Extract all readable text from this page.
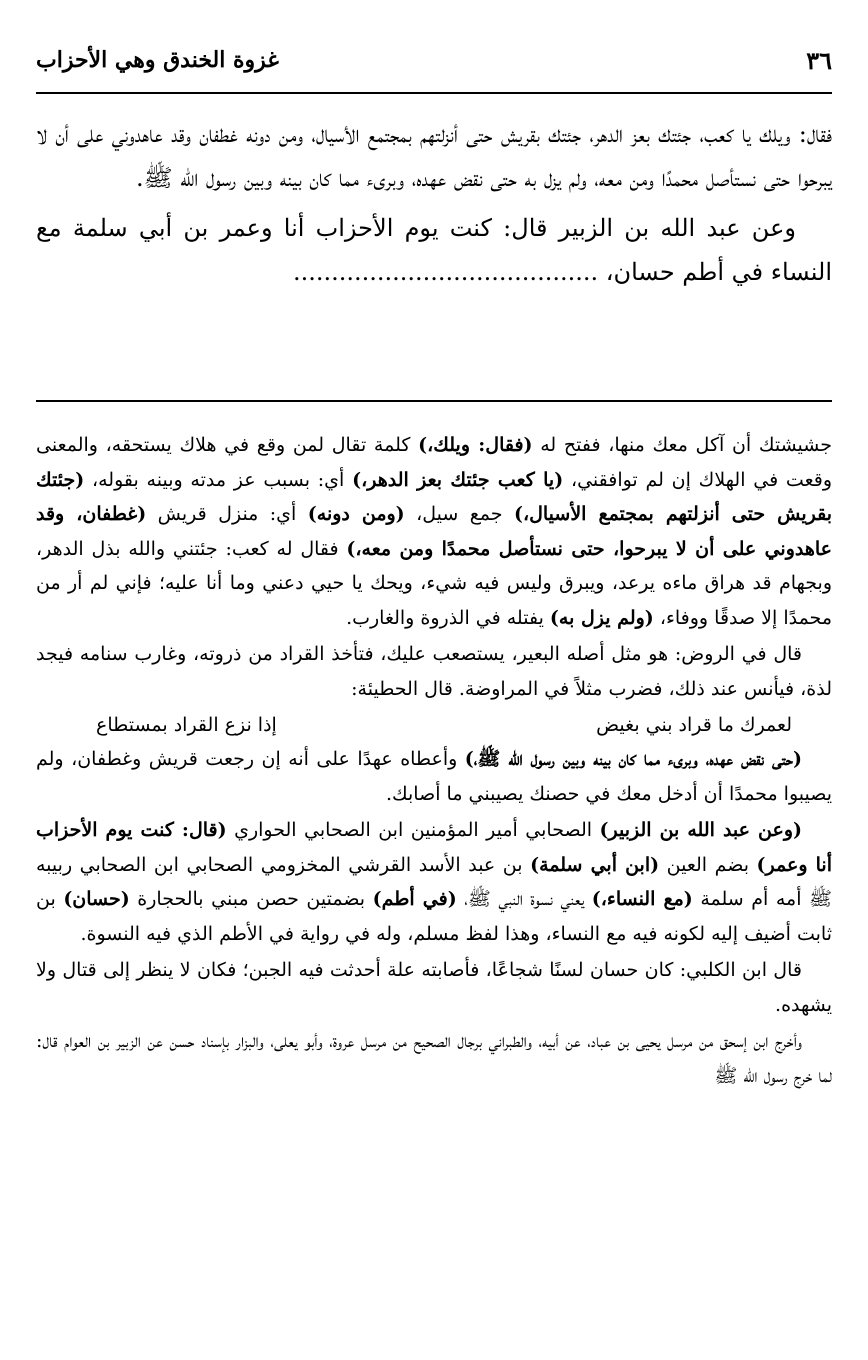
٣٦
غزوة الخندق وهي الأحزاب

فقال: ويلك يا كعب، جئتك بعز الدهر، جئتك بقريش حتى أنزلتهم بمجتمع الأسيال، ومن دونه غطفان وقد عاهدوني على أن لا يبرحوا حتى نستأصل محمدًا ومن معه، ولم يزل به حتى نقض عهده، وبرىء مما كان بينه وبين رسول الله ﷺ.

وعن عبد الله بن الزبير قال: كنت يوم الأحزاب أنا وعمر بن أبي سلمة مع النساء في أطم حسان، ........................................

جشيشتك أن آكل معك منها، ففتح له (فقال: ويلك،) كلمة تقال لمن وقع في هلاك يستحقه، والمعنى وقعت في الهلاك إن لم توافقني، (يا كعب جئتك بعز الدهر،) أي: بسبب عز مدته وبينه بقوله، (جئتك بقريش حتى أنزلتهم بمجتمع الأسيال،) جمع سيل، (ومن دونه) أي: منزل قريش (غطفان، وقد عاهدوني على أن لا يبرحوا، حتى نستأصل محمدًا ومن معه،) فقال له كعب: جئتني والله بذل الدهر، وبجهام قد هراق ماءه يرعد، ويبرق وليس فيه شيء، ويحك يا حيي دعني وما أنا عليه؛ فإني لم أر من محمدًا إلا صدقًا ووفاء، (ولم يزل به) يفتله في الذروة والغارب.

قال في الروض: هو مثل أصله البعير، يستصعب عليك، فتأخذ القراد من ذروته، وغارب سنامه فيجد لذة، فيأنس عند ذلك، فضرب مثلاً في المراوضة. قال الحطيئة:

لعمرك ما قراد بني بغيض
إذا نزع القراد بمستطاع

(حتى نقض عهده، وبرىء مما كان بينه وبين رسول الله ﷺ،) وأعطاه عهدًا على أنه إن رجعت قريش وغطفان، ولم يصيبوا محمدًا أن أدخل معك في حصنك يصيبني ما أصابك.

(وعن عبد الله بن الزبير) الصحابي أمير المؤمنين ابن الصحابي الحواري (قال: كنت يوم الأحزاب أنا وعمر) بضم العين (ابن أبي سلمة) بن عبد الأسد القرشي المخزومي الصحابي ابن الصحابي ربيبه ﷺ أمه أم سلمة (مع النساء،) يعني نسوة النبي ﷺ، (في أطم) بضمتين حصن مبني بالحجارة (حسان) بن ثابت أضيف إليه لكونه فيه مع النساء، وهذا لفظ مسلم، وله في رواية في الأطم الذي فيه النسوة.

قال ابن الكلبي: كان حسان لسنًا شجاعًا، فأصابته علة أحدثت فيه الجبن؛ فكان لا ينظر إلى قتال ولا يشهده.

وأخرج ابن إسحق من مرسل يحيى بن عباد، عن أبيه، والطبراني برجال الصحيح من مرسل عروة، وأبو يعلى، والبزار بإسناد حسن عن الزبير بن العوام قال: لما خرج رسول الله ﷺ
